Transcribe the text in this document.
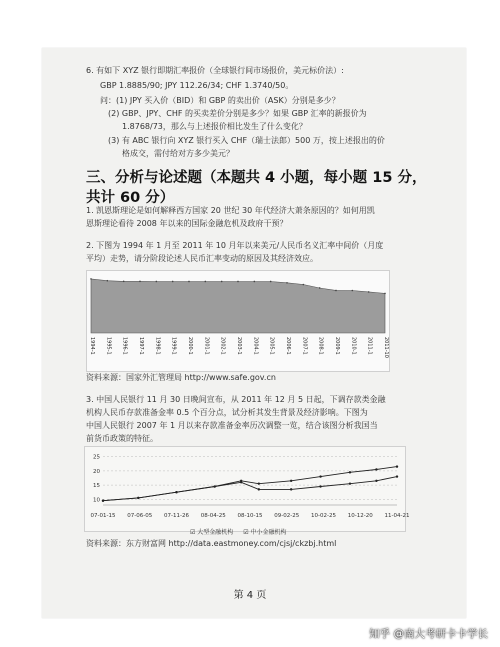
6. 有如下 XYZ 银行即期汇率报价（全球银行间市场报价，美元标价法）:
GBP 1.8885/90; JPY 112.26/34; CHF 1.3740/50。
问：(1) JPY 买入价（BID）和 GBP 的卖出价（ASK）分别是多少？
(2) GBP、JPY、CHF 的买卖差价分别是多少？如果 GBP 汇率的新报价为
1.8768/73，那么与上述报价相比发生了什么变化？
(3) 有 ABC 银行向 XYZ 银行买入 CHF（瑞士法郎）500 万，按上述报出的价
格成交，需付给对方多少美元？
三、分析与论述题（本题共 4 小题，每小题 15 分，
共计 60 分）
1. 凯恩斯理论是如何解释西方国家 20 世纪 30 年代经济大萧条原因的？如何用凯
恩斯理论看待 2008 年以来的国际金融危机及政府干预？
2. 下图为 1994 年 1 月至 2011 年 10 月年以来美元/人民币名义汇率中间价（月度
平均）走势，请分阶段论述人民币汇率变动的原因及其经济效应。
1994-1 1995-1 1996-1 1997-1 1998-1 1999-1 2000-1 2001-1 2002-1 2003-1 2004-1 2005-1 2006-1 2007-1 2008-1 2009-1 2010-1 2011-1 2011-10
资料来源：国家外汇管理局 http://www.safe.gov.cn
3. 中国人民银行 11 月 30 日晚间宣布，从 2011 年 12 月 5 日起，下调存款类金融
机构人民币存款准备金率 0.5 个百分点，试分析其发生背景及经济影响。下图为
中国人民银行 2007 年 1 月以来存款准备金率历次调整一览，结合该图分析我国当
前货币政策的特征。
10
15
20
25
07-01-15 07-06-05 07-11-26 08-04-25 08-10-15 09-02-25 10-02-25 10-12-20 11-04-21
☑ 大型金融机构 ☑ 中小金融机构
资料来源：东方财富网 http://data.eastmoney.com/cjsj/ckzbj.html
第 4 页
知乎 @南大考研卡卡学长
